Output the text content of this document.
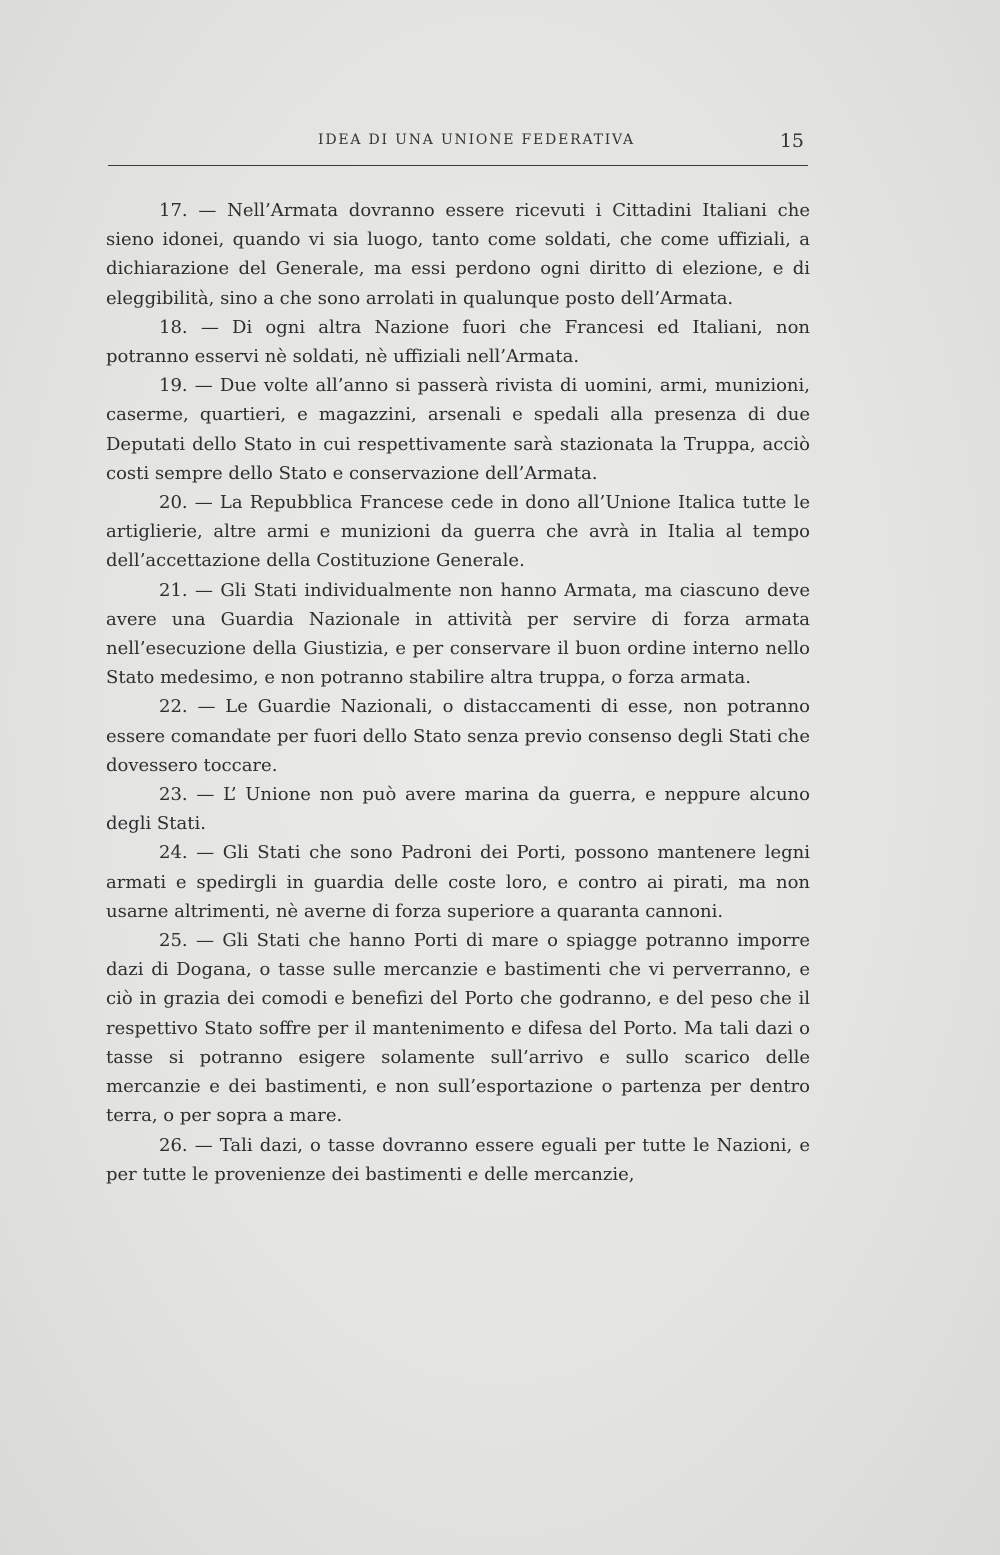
IDEA DI UNA UNIONE FEDERATIVA	15

17. — Nell’Armata dovranno essere ricevuti i Cittadini Italiani che sieno idonei, quando vi sia luogo, tanto come soldati, che come uffiziali, a dichiarazione del Generale, ma essi perdono ogni diritto di elezione, e di eleggibilità, sino a che sono arrolati in qualunque posto dell’Armata.

18. — Di ogni altra Nazione fuori che Francesi ed Italiani, non potranno esservi nè soldati, nè uffiziali nell’Armata.

19. — Due volte all’anno si passerà rivista di uomini, armi, munizioni, caserme, quartieri, e magazzini, arsenali e spedali alla presenza di due Deputati dello Stato in cui respettivamente sarà stazionata la Truppa, acciò costi sempre dello Stato e conservazione dell’Armata.

20. — La Repubblica Francese cede in dono all’Unione Italica tutte le artiglierie, altre armi e munizioni da guerra che avrà in Italia al tempo dell’accettazione della Costituzione Generale.

21. — Gli Stati individualmente non hanno Armata, ma ciascuno deve avere una Guardia Nazionale in attività per servire di forza armata nell’esecuzione della Giustizia, e per conservare il buon ordine interno nello Stato medesimo, e non potranno stabilire altra truppa, o forza armata.

22. — Le Guardie Nazionali, o distaccamenti di esse, non potranno essere comandate per fuori dello Stato senza previo consenso degli Stati che dovessero toccare.

23. — L’ Unione non può avere marina da guerra, e neppure alcuno degli Stati.

24. — Gli Stati che sono Padroni dei Porti, possono mantenere legni armati e spedirgli in guardia delle coste loro, e contro ai pirati, ma non usarne altrimenti, nè averne di forza superiore a quaranta cannoni.

25. — Gli Stati che hanno Porti di mare o spiagge potranno imporre dazi di Dogana, o tasse sulle mercanzie e bastimenti che vi perverranno, e ciò in grazia dei comodi e benefizi del Porto che godranno, e del peso che il respettivo Stato soffre per il mantenimento e difesa del Porto. Ma tali dazi o tasse si potranno esigere solamente sull’arrivo e sullo scarico delle mercanzie e dei bastimenti, e non sull’esportazione o partenza per dentro terra, o per sopra a mare.

26. — Tali dazi, o tasse dovranno essere eguali per tutte le Nazioni, e per tutte le provenienze dei bastimenti e delle mercanzie,
